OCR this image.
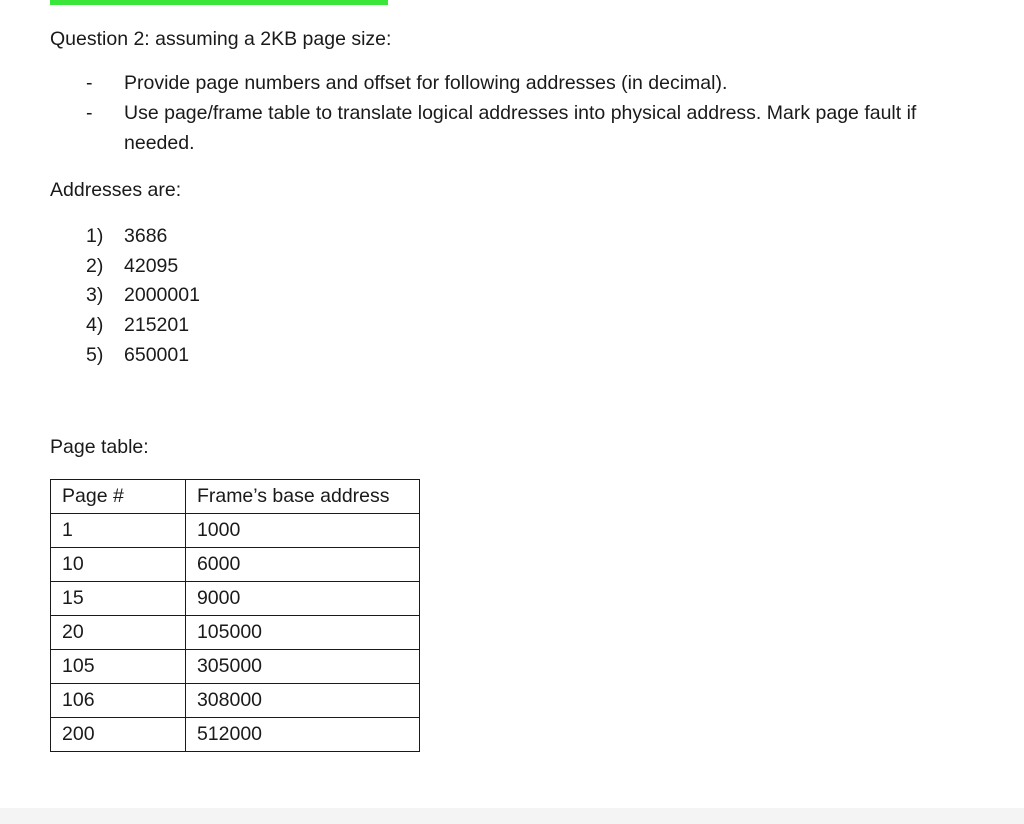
Question 2: assuming a 2KB page size:
- Provide page numbers and offset for following addresses (in decimal).
- Use page/frame table to translate logical addresses into physical address. Mark page fault if needed.
Addresses are:
1)	3686
2)	42095
3)	2000001
4)	215201
5)	650001
Page table:
Page #	Frame’s base address
1	1000
10	6000
15	9000
20	105000
105	305000
106	308000
200	512000
